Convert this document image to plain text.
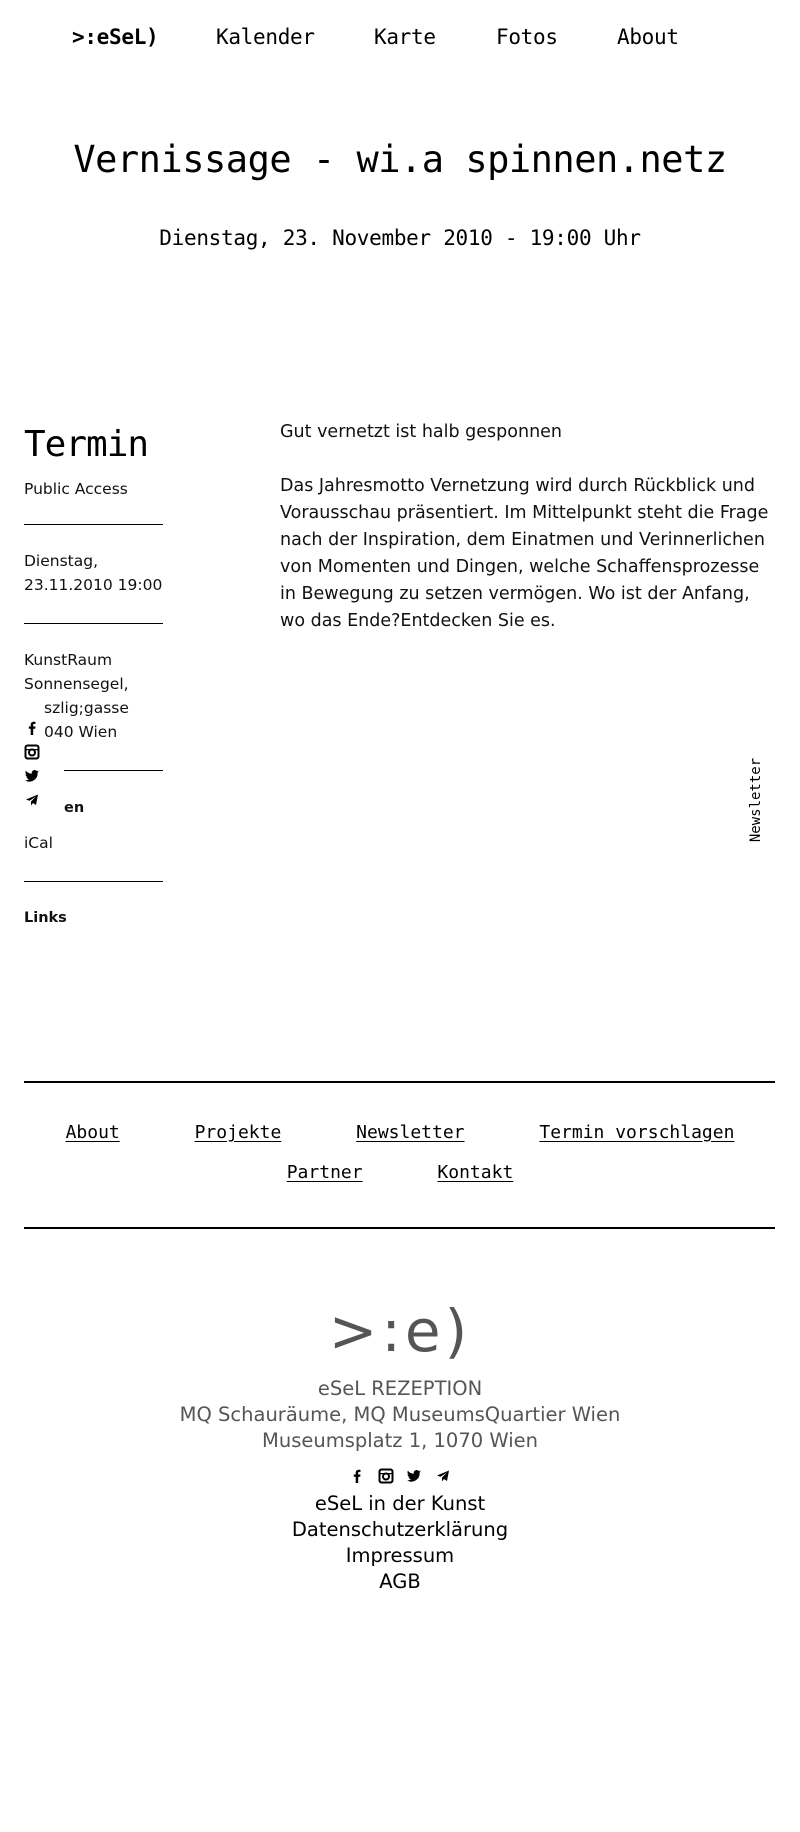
>:eSeL)	Kalender	Karte	Fotos	About
Vernissage - wi.a spinnen.netz
Dienstag, 23. November 2010 - 19:00 Uhr
Termin
Public Access
Dienstag,
23.11.2010 19:00
KunstRaum
Sonnensegel,
szlig;gasse
040 Wien
en
iCal
Links

Gut vernetzt ist halb gesponnen

Das Jahresmotto Vernetzung wird durch Rückblick und Vorausschau präsentiert. Im Mittelpunkt steht die Frage nach der Inspiration, dem Einatmen und Verinnerlichen von Momenten und Dingen, welche Schaffensprozesse in Bewegung zu setzen vermögen. Wo ist der Anfang, wo das Ende?Entdecken Sie es.

Newsletter
About	Projekte	Newsletter	Termin vorschlagen
Partner	Kontakt
>:e)
eSeL REZEPTION
MQ Schauräume, MQ MuseumsQuartier Wien
Museumsplatz 1, 1070 Wien

eSeL in der Kunst
Datenschutzerklärung
Impressum
AGB
